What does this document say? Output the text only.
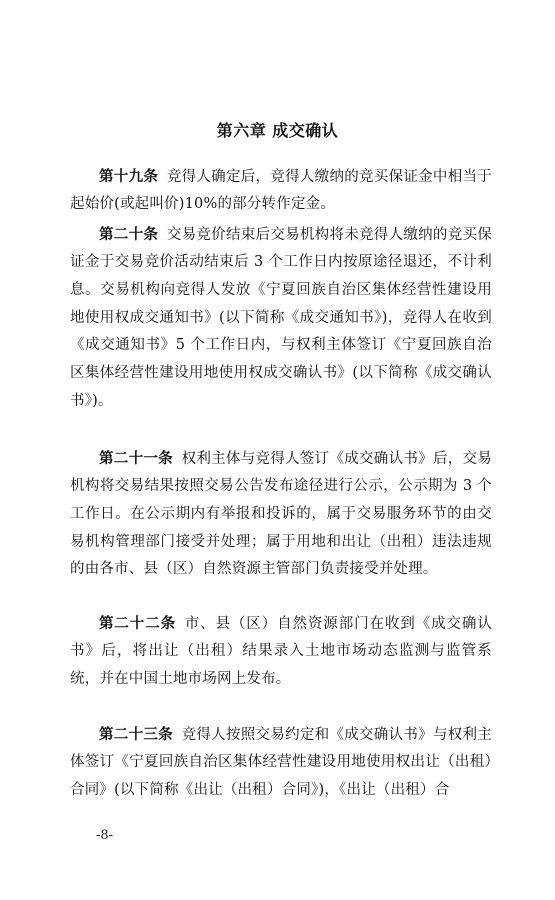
第六章 成交确认

第十九条 竞得人确定后，竞得人缴纳的竞买保证金中相当于起始价(或起叫价)10%的部分转作定金。

第二十条 交易竞价结束后交易机构将未竞得人缴纳的竞买保证金于交易竞价活动结束后 3 个工作日内按原途径退还，不计利息。交易机构向竞得人发放《宁夏回族自治区集体经营性建设用地使用权成交通知书》(以下简称《成交通知书》)，竞得人在收到《成交通知书》5 个工作日内，与权利主体签订《宁夏回族自治区集体经营性建设用地使用权成交确认书》(以下简称《成交确认书》)。

第二十一条 权利主体与竞得人签订《成交确认书》后，交易机构将交易结果按照交易公告发布途径进行公示，公示期为 3 个工作日。在公示期内有举报和投诉的，属于交易服务环节的由交易机构管理部门接受并处理；属于用地和出让（出租）违法违规的由各市、县（区）自然资源主管部门负责接受并处理。

第二十二条 市、县（区）自然资源部门在收到《成交确认书》后，将出让（出租）结果录入土地市场动态监测与监管系统，并在中国土地市场网上发布。

第二十三条 竞得人按照交易约定和《成交确认书》与权利主体签订《宁夏回族自治区集体经营性建设用地使用权出让（出租）合同》(以下简称《出让（出租）合同》)，《出让（出租）合

-8-
